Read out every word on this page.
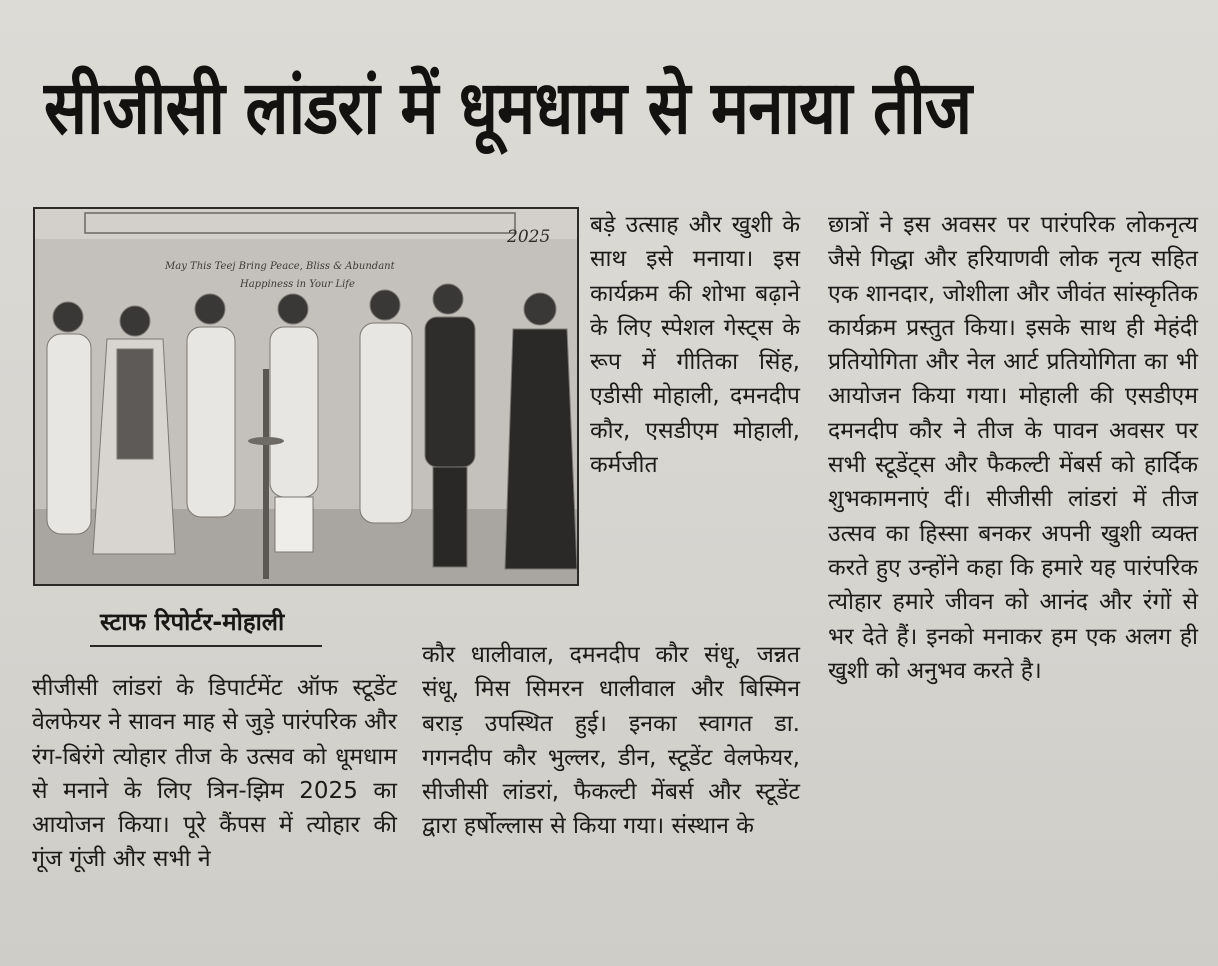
सीजीसी लांडरां में धूमधाम से मनाया तीज
2025
May This Teej Bring Peace, Bliss & Abundant
Happiness in Your Life
स्टाफ रिपोर्टर-मोहाली

सीजीसी लांडरां के डिपार्टमेंट ऑफ स्टूडेंट वेलफेयर ने सावन माह से जुड़े पारंपरिक और रंग-बिरंगे त्योहार तीज के उत्सव को धूमधाम से मनाने के लिए त्रिन-झिम 2025 का आयोजन किया। पूरे कैंपस में त्योहार की गूंज गूंजी और सभी ने

बड़े उत्साह और खुशी के साथ इसे मनाया। इस कार्यक्रम की शोभा बढ़ाने के लिए स्पेशल गेस्ट्स के रूप में गीतिका सिंह, एडीसी मोहाली, दमनदीप कौर, एसडीएम मोहाली, कर्मजीत

कौर धालीवाल, दमनदीप कौर संधू, जन्नत संधू, मिस सिमरन धालीवाल और बिस्मिन बराड़ उपस्थित हुई। इनका स्वागत डा. गगनदीप कौर भुल्लर, डीन, स्टूडेंट वेलफेयर, सीजीसी लांडरां, फैकल्टी मेंबर्स और स्टूडेंट द्वारा हर्षोल्लास से किया गया। संस्थान के

छात्रों ने इस अवसर पर पारंपरिक लोकनृत्य जैसे गिद्धा और हरियाणवी लोक नृत्य सहित एक शानदार, जोशीला और जीवंत सांस्कृतिक कार्यक्रम प्रस्तुत किया। इसके साथ ही मेहंदी प्रतियोगिता और नेल आर्ट प्रतियोगिता का भी आयोजन किया गया। मोहाली की एसडीएम दमनदीप कौर ने तीज के पावन अवसर पर सभी स्टूडेंट्स और फैकल्टी मेंबर्स को हार्दिक शुभकामनाएं दीं। सीजीसी लांडरां में तीज उत्सव का हिस्सा बनकर अपनी खुशी व्यक्त करते हुए उन्होंने कहा कि हमारे यह पारंपरिक त्योहार हमारे जीवन को आनंद और रंगों से भर देते हैं। इनको मनाकर हम एक अलग ही खुशी को अनुभव करते है।
